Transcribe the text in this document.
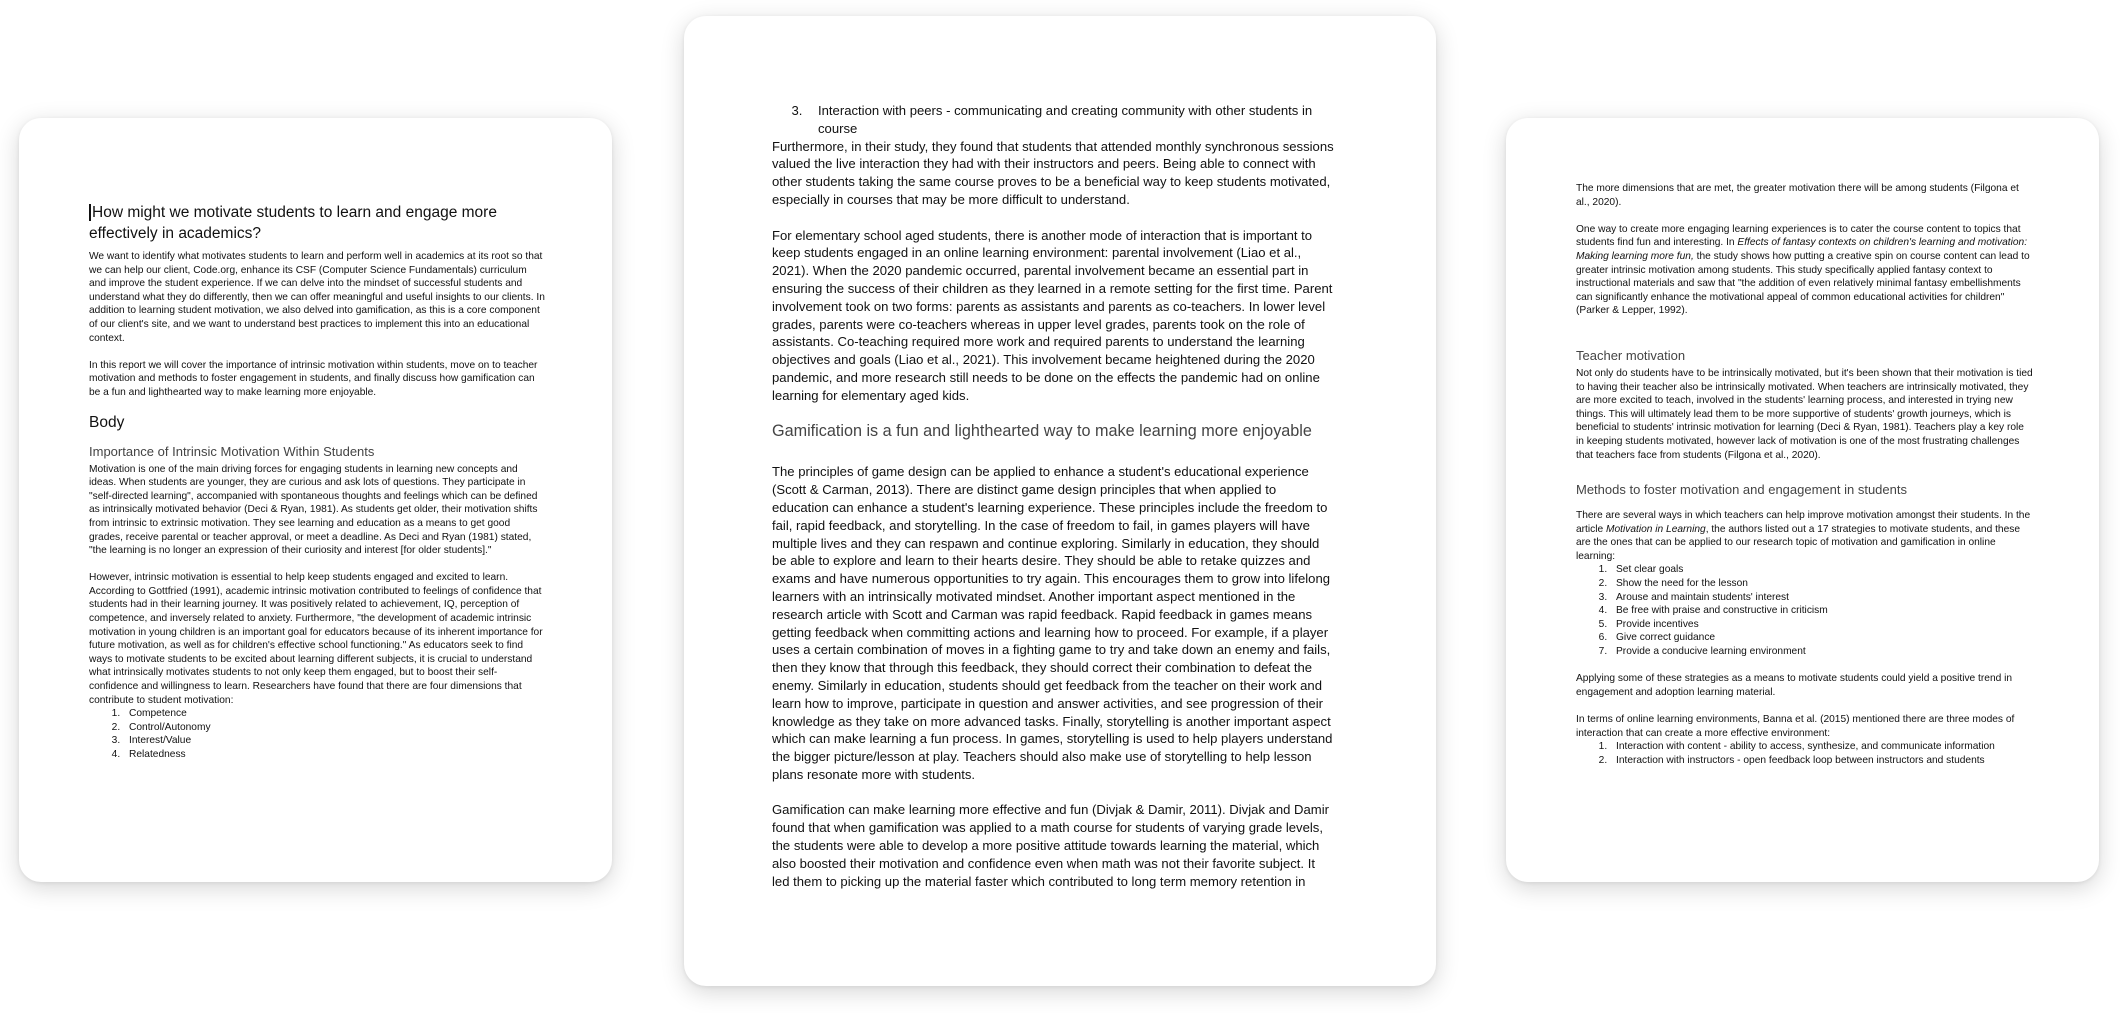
How might we motivate students to learn and engage more effectively in academics?

We want to identify what motivates students to learn and perform well in academics at its root so that we can help our client, Code.org, enhance its CSF (Computer Science Fundamentals) curriculum and improve the student experience. If we can delve into the mindset of successful students and understand what they do differently, then we can offer meaningful and useful insights to our clients. In addition to learning student motivation, we also delved into gamification, as this is a core component of our client's site, and we want to understand best practices to implement this into an educational context.

In this report we will cover the importance of intrinsic motivation within students, move on to teacher motivation and methods to foster engagement in students, and finally discuss how gamification can be a fun and lighthearted way to make learning more enjoyable.

Body
Importance of Intrinsic Motivation Within Students

Motivation is one of the main driving forces for engaging students in learning new concepts and ideas. When students are younger, they are curious and ask lots of questions. They participate in "self-directed learning", accompanied with spontaneous thoughts and feelings which can be defined as intrinsically motivated behavior (Deci & Ryan, 1981). As students get older, their motivation shifts from intrinsic to extrinsic motivation. They see learning and education as a means to get good grades, receive parental or teacher approval, or meet a deadline. As Deci and Ryan (1981) stated, "the learning is no longer an expression of their curiosity and interest [for older students]."

However, intrinsic motivation is essential to help keep students engaged and excited to learn. According to Gottfried (1991), academic intrinsic motivation contributed to feelings of confidence that students had in their learning journey. It was positively related to achievement, IQ, perception of competence, and inversely related to anxiety. Furthermore, "the development of academic intrinsic motivation in young children is an important goal for educators because of its inherent importance for future motivation, as well as for children's effective school functioning." As educators seek to find ways to motivate students to be excited about learning different subjects, it is crucial to understand what intrinsically motivates students to not only keep them engaged, but to boost their self-confidence and willingness to learn. Researchers have found that there are four dimensions that contribute to student motivation:

1. Competence
2. Control/Autonomy
3. Interest/Value
4. Relatedness
3. Interaction with peers - communicating and creating community with other students in course

Furthermore, in their study, they found that students that attended monthly synchronous sessions valued the live interaction they had with their instructors and peers. Being able to connect with other students taking the same course proves to be a beneficial way to keep students motivated, especially in courses that may be more difficult to understand.

For elementary school aged students, there is another mode of interaction that is important to keep students engaged in an online learning environment: parental involvement (Liao et al., 2021). When the 2020 pandemic occurred, parental involvement became an essential part in ensuring the success of their children as they learned in a remote setting for the first time. Parent involvement took on two forms: parents as assistants and parents as co-teachers. In lower level grades, parents were co-teachers whereas in upper level grades, parents took on the role of assistants. Co-teaching required more work and required parents to understand the learning objectives and goals (Liao et al., 2021). This involvement became heightened during the 2020 pandemic, and more research still needs to be done on the effects the pandemic had on online learning for elementary aged kids.

Gamification is a fun and lighthearted way to make learning more enjoyable

The principles of game design can be applied to enhance a student's educational experience (Scott & Carman, 2013). There are distinct game design principles that when applied to education can enhance a student's learning experience. These principles include the freedom to fail, rapid feedback, and storytelling. In the case of freedom to fail, in games players will have multiple lives and they can respawn and continue exploring. Similarly in education, they should be able to explore and learn to their hearts desire. They should be able to retake quizzes and exams and have numerous opportunities to try again. This encourages them to grow into lifelong learners with an intrinsically motivated mindset. Another important aspect mentioned in the research article with Scott and Carman was rapid feedback. Rapid feedback in games means getting feedback when committing actions and learning how to proceed. For example, if a player uses a certain combination of moves in a fighting game to try and take down an enemy and fails, then they know that through this feedback, they should correct their combination to defeat the enemy. Similarly in education, students should get feedback from the teacher on their work and learn how to improve, participate in question and answer activities, and see progression of their knowledge as they take on more advanced tasks. Finally, storytelling is another important aspect which can make learning a fun process. In games, storytelling is used to help players understand the bigger picture/lesson at play. Teachers should also make use of storytelling to help lesson plans resonate more with students.

Gamification can make learning more effective and fun (Divjak & Damir, 2011). Divjak and Damir found that when gamification was applied to a math course for students of varying grade levels, the students were able to develop a more positive attitude towards learning the material, which also boosted their motivation and confidence even when math was not their favorite subject. It led them to picking up the material faster which contributed to long term memory retention in

The more dimensions that are met, the greater motivation there will be among students (Filgona et al., 2020).

One way to create more engaging learning experiences is to cater the course content to topics that students find fun and interesting. In Effects of fantasy contexts on children's learning and motivation: Making learning more fun, the study shows how putting a creative spin on course content can lead to greater intrinsic motivation among students. This study specifically applied fantasy context to instructional materials and saw that "the addition of even relatively minimal fantasy embellishments can significantly enhance the motivational appeal of common educational activities for children" (Parker & Lepper, 1992).

Teacher motivation

Not only do students have to be intrinsically motivated, but it's been shown that their motivation is tied to having their teacher also be intrinsically motivated. When teachers are intrinsically motivated, they are more excited to teach, involved in the students' learning process, and interested in trying new things. This will ultimately lead them to be more supportive of students' growth journeys, which is beneficial to students' intrinsic motivation for learning (Deci & Ryan, 1981). Teachers play a key role in keeping students motivated, however lack of motivation is one of the most frustrating challenges that teachers face from students (Filgona et al., 2020).

Methods to foster motivation and engagement in students

There are several ways in which teachers can help improve motivation amongst their students. In the article Motivation in Learning, the authors listed out a 17 strategies to motivate students, and these are the ones that can be applied to our research topic of motivation and gamification in online learning:

1. Set clear goals
2. Show the need for the lesson
3. Arouse and maintain students' interest
4. Be free with praise and constructive in criticism
5. Provide incentives
6. Give correct guidance
7. Provide a conducive learning environment

Applying some of these strategies as a means to motivate students could yield a positive trend in engagement and adoption learning material.

In terms of online learning environments, Banna et al. (2015) mentioned there are three modes of interaction that can create a more effective environment:

1. Interaction with content - ability to access, synthesize, and communicate information
2. Interaction with instructors - open feedback loop between instructors and students
